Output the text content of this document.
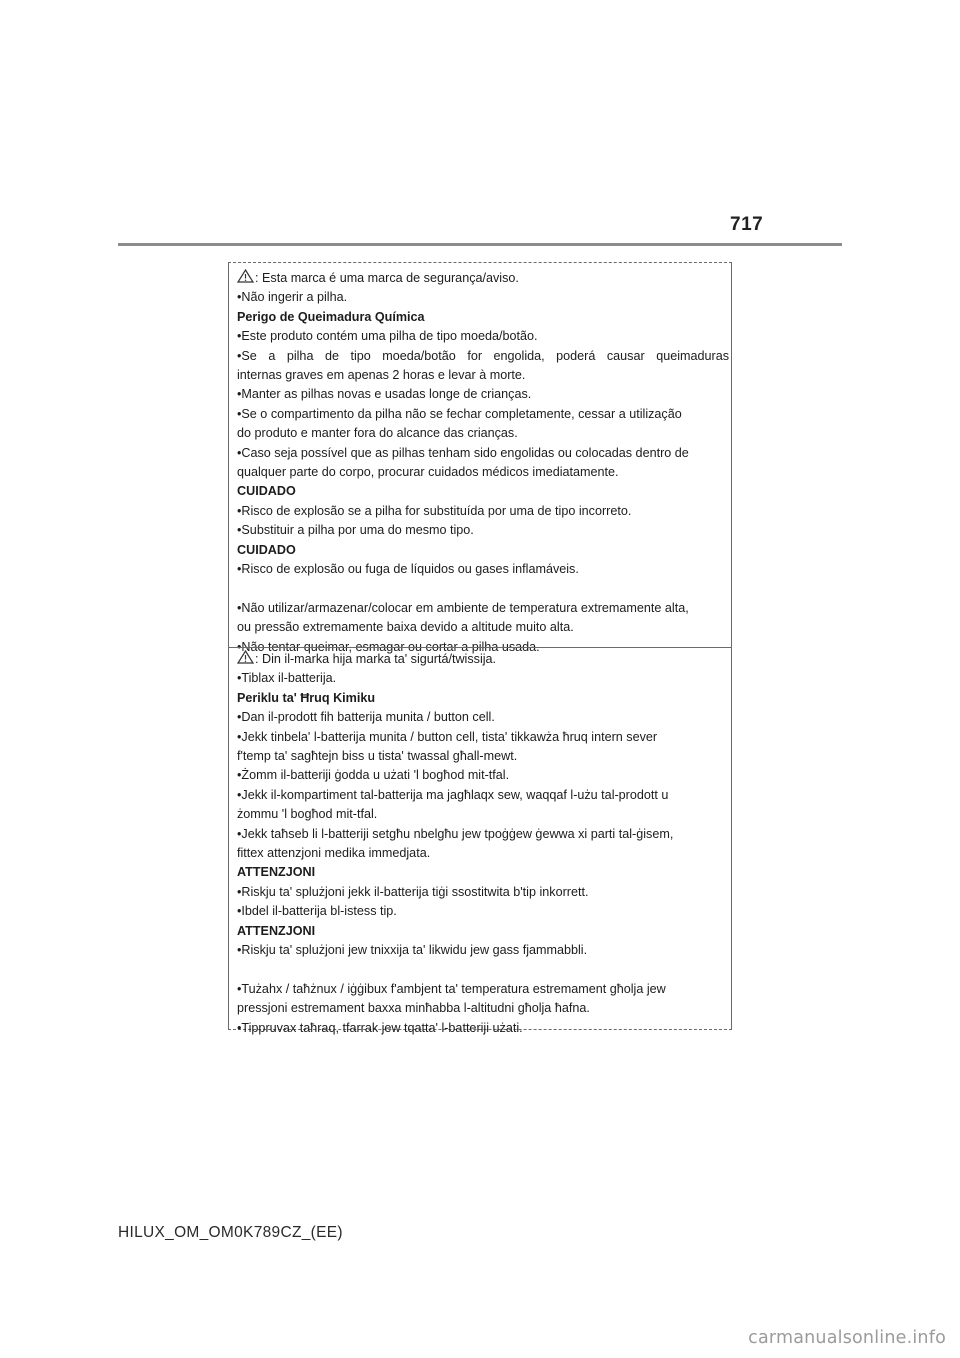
717
: Esta marca é uma marca de segurança/aviso.
•Não ingerir a pilha.
Perigo de Queimadura Química
•Este produto contém uma pilha de tipo moeda/botão.
•Se a pilha de tipo moeda/botão for engolida, poderá causar queimaduras
internas graves em apenas 2 horas e levar à morte.
•Manter as pilhas novas e usadas longe de crianças.
•Se o compartimento da pilha não se fechar completamente, cessar a utilização
do produto e manter fora do alcance das crianças.
•Caso seja possível que as pilhas tenham sido engolidas ou colocadas dentro de
qualquer parte do corpo, procurar cuidados médicos imediatamente.
CUIDADO
•Risco de explosão se a pilha for substituída por uma de tipo incorreto.
•Substituir a pilha por uma do mesmo tipo.
CUIDADO
•Risco de explosão ou fuga de líquidos ou gases inflamáveis.
•Não utilizar/armazenar/colocar em ambiente de temperatura extremamente alta,
ou pressão extremamente baixa devido a altitude muito alta.
•Não tentar queimar, esmagar ou cortar a pilha usada.
: Din il-marka hija marka ta' sigurtá/twissija.
•Tiblax il-batterija.
Periklu ta' Ħruq Kimiku
•Dan il-prodott fih batterija munita / button cell.
•Jekk tinbela' l-batterija munita / button cell, tista' tikkawża ħruq intern sever
f'temp ta' sagħtejn biss u tista' twassal għall-mewt.
•Żomm il-batteriji ġodda u użati 'l bogħod mit-tfal.
•Jekk il-kompartiment tal-batterija ma jagħlaqx sew, waqqaf l-użu tal-prodott u
żommu 'l bogħod mit-tfal.
•Jekk taħseb li l-batteriji setgħu nbelgħu jew tpoġġew ġewwa xi parti tal-ġisem,
fittex attenzjoni medika immedjata.
ATTENZJONI
•Riskju ta' splużjoni jekk il-batterija tiġi ssostitwita b'tip inkorrett.
•Ibdel il-batterija bl-istess tip.
ATTENZJONI
•Riskju ta' splużjoni jew tnixxija ta' likwidu jew gass fjammabbli.
•Tużahx / taħżnux / iġġibux f'ambjent ta' temperatura estremament għolja jew
pressjoni estremament baxxa minħabba l-altitudni għolja ħafna.
•Tippruvax taħraq, tfarrak jew tqatta' l-batteriji użati.
HILUX_OM_OM0K789CZ_(EE)
carmanualsonline.info
